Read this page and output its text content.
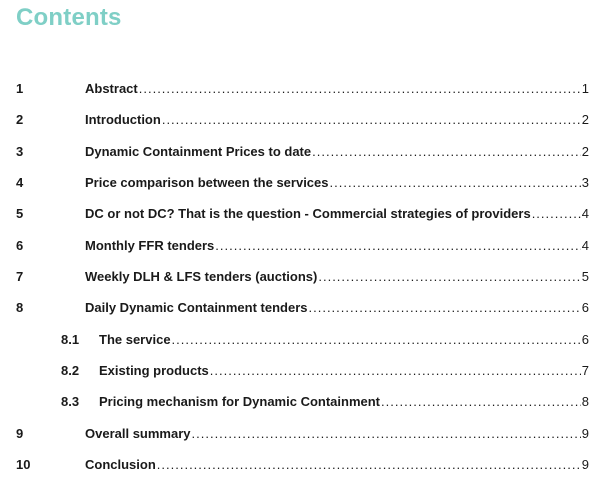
Contents
1	Abstract .....	1
2	Introduction .....	2
3	Dynamic Containment Prices to date .....	2
4	Price comparison between the services .....	3
5	DC or not DC? That is the question - Commercial strategies of providers .....	4
6	Monthly FFR tenders .....	4
7	Weekly DLH & LFS tenders (auctions) .....	5
8	Daily Dynamic Containment tenders .....	6
8.1 The service .....	6
8.2 Existing products .....	7
8.3 Pricing mechanism for Dynamic Containment .....	8
9	Overall summary .....	9
10	Conclusion .....	9
